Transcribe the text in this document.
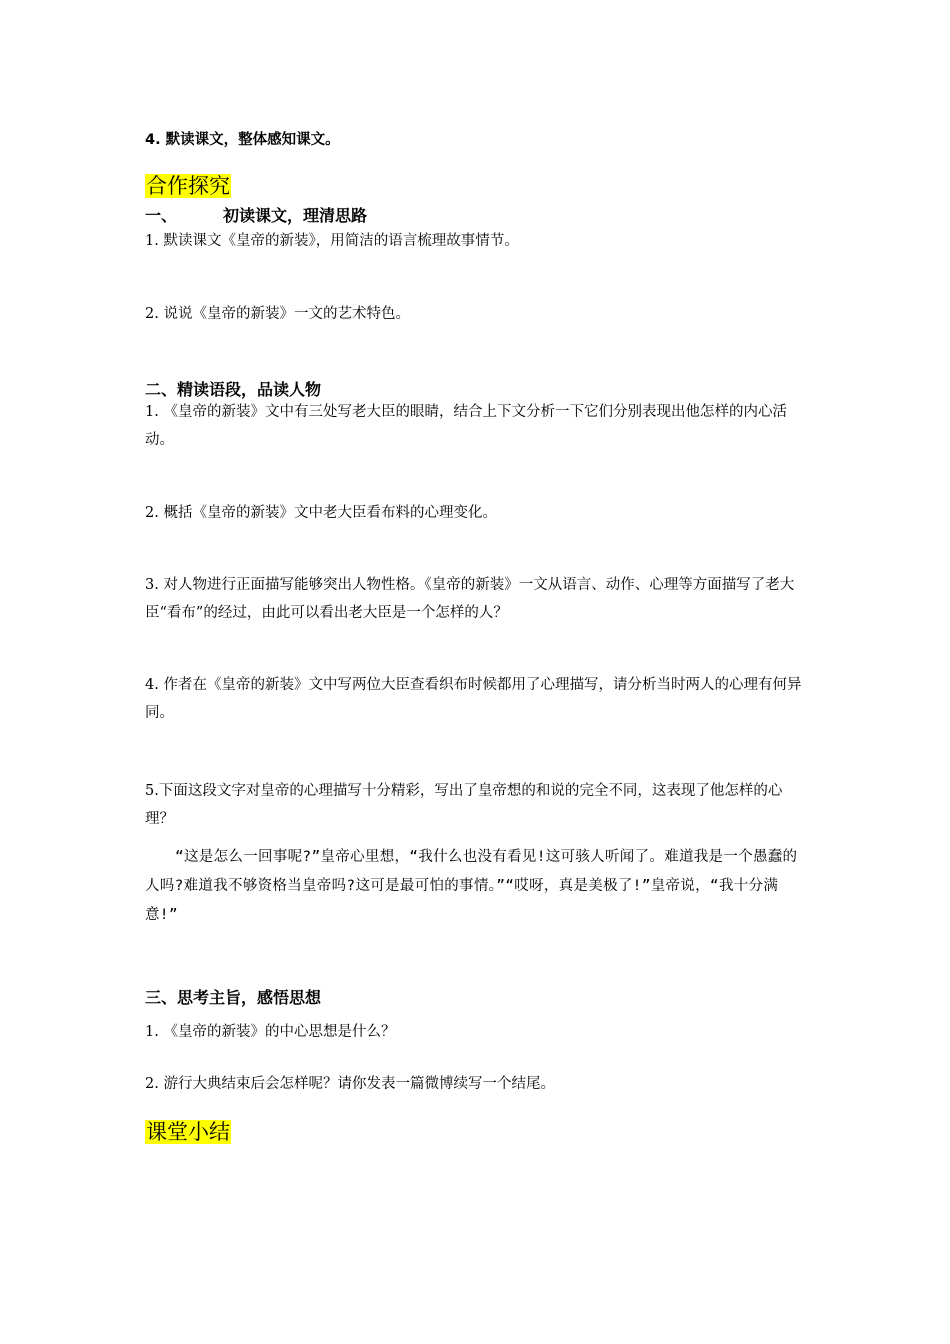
4. 默读课文，整体感知课文。
合作探究
一、	初读课文，理清思路
1. 默读课文《皇帝的新装》，用简洁的语言梳理故事情节。
2. 说说《皇帝的新装》一文的艺术特色。
二、精读语段，品读人物
1. 《皇帝的新装》文中有三处写老大臣的眼睛，结合上下文分析一下它们分别表现出他怎样的内心活动。
2. 概括《皇帝的新装》文中老大臣看布料的心理变化。
3. 对人物进行正面描写能够突出人物性格。《皇帝的新装》一文从语言、动作、心理等方面描写了老大臣“看布”的经过，由此可以看出老大臣是一个怎样的人？
4. 作者在《皇帝的新装》文中写两位大臣查看织布时候都用了心理描写，请分析当时两人的心理有何异同。
5.下面这段文字对皇帝的心理描写十分精彩，写出了皇帝想的和说的完全不同，这表现了他怎样的心理？
“这是怎么一回事呢?”皇帝心里想，“我什么也没有看见!这可骇人听闻了。难道我是一个愚蠢的人吗?难道我不够资格当皇帝吗?这可是最可怕的事情。”“哎呀，真是美极了!”皇帝说，“我十分满意!”
三、思考主旨，感悟思想
1. 《皇帝的新装》的中心思想是什么？
2. 游行大典结束后会怎样呢？请你发表一篇微博续写一个结尾。
课堂小结
